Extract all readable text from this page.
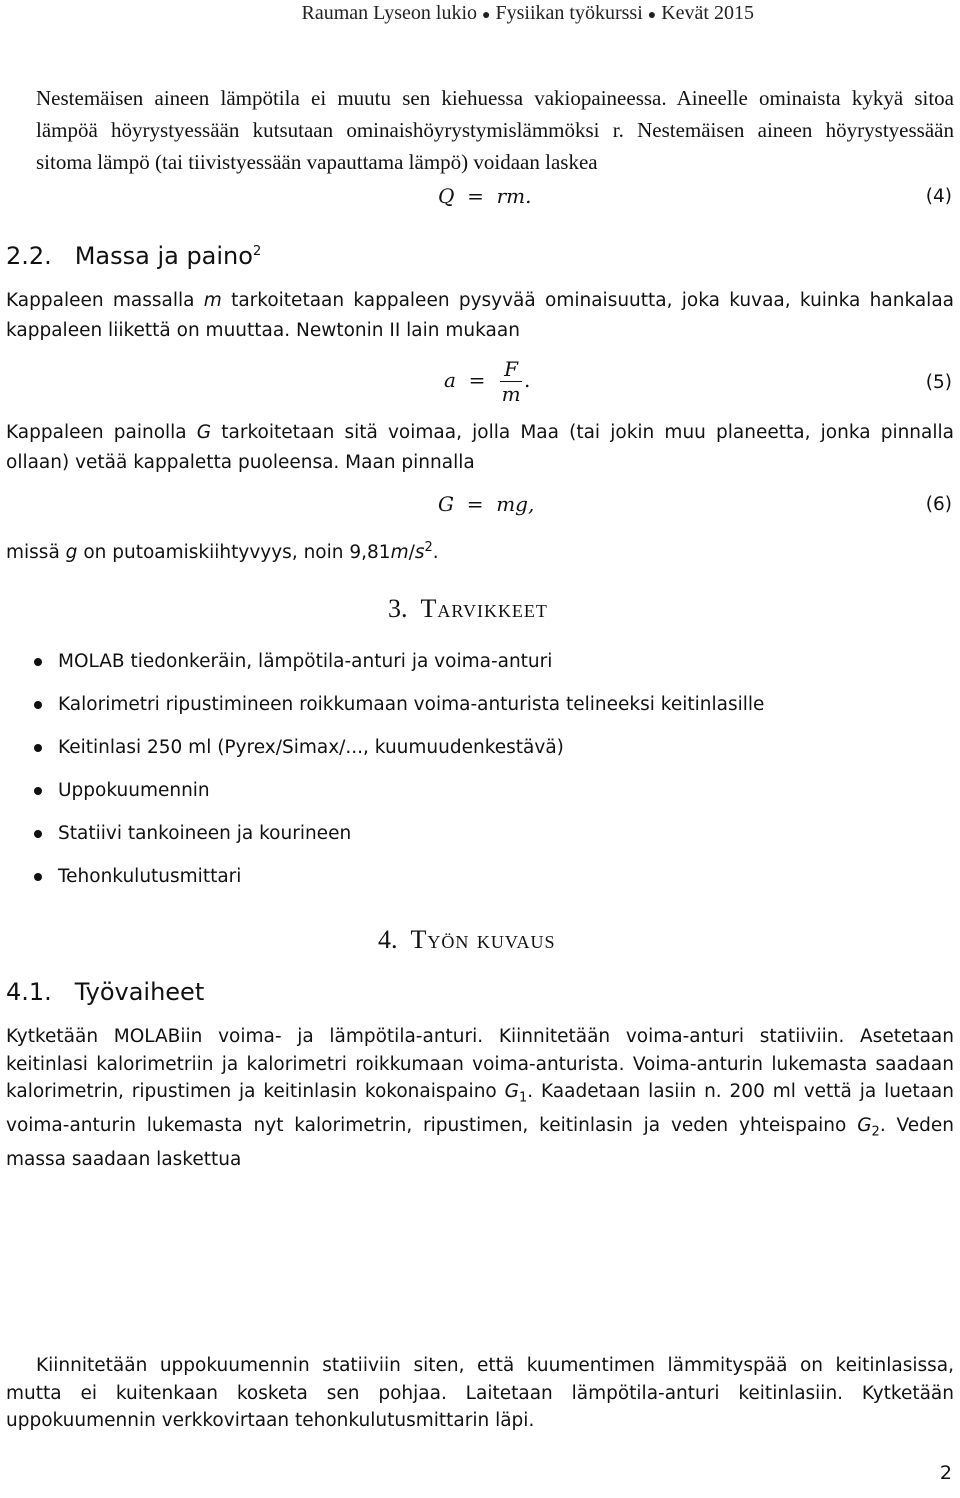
Rauman Lyseon lukio ● Fysiikan työkurssi ● Kevät 2015

Nestemäisen aineen lämpötila ei muutu sen kiehuessa vakiopaineessa. Aineelle ominaista kykyä sitoa lämpöä höyrystyessään kutsutaan ominaishöyrystymislämmöksi r. Nestemäisen aineen höyrystyessään sitoma lämpö (tai tiivistyessään vapauttama lämpö) voidaan laskea

Q  =  rm.	(4)
2.2. Massa ja paino$^2$

Kappaleen massalla m tarkoitetaan kappaleen pysyvää ominaisuutta, joka kuvaa, kuinka hankalaa kappaleen liikettä on muuttaa. Newtonin II lain mukaan

$a = \frac{F}{m}$ .	(5)

Kappaleen painolla G tarkoitetaan sitä voimaa, jolla Maa (tai jokin muu planeetta, jonka pinnalla ollaan) vetää kappaletta puoleensa. Maan pinnalla

G  =  mg,	(6)
missä g on putoamiskiihtyvyys, noin $9,81m/s^2$.
3. Tarvikkeet
MOLAB tiedonkeräin, lämpötila-anturi ja voima-anturi
Kalorimetri ripustimineen roikkumaan voima-anturista telineeksi keitinlasille
Keitinlasi 250 ml (Pyrex/Simax/..., kuumuudenkestävä)
Uppokuumennin
Statiivi tankoineen ja kourineen
Tehonkulutusmittari
4. Työn kuvaus
4.1. Työvaiheet

Kytketään MOLABiin voima- ja lämpötila-anturi. Kiinnitetään voima-anturi statiiviin. Asetetaan keitinlasi kalorimetriin ja kalorimetri roikkumaan voima-anturista. Voima-anturin lukemasta saadaan kalorimetrin, ripustimen ja keitinlasin kokonaispaino $G_1$. Kaadetaan lasiin n. 200 ml vettä ja luetaan voima-anturin lukemasta nyt kalorimetrin, ripustimen, keitinlasin ja veden yhteispaino $G_2$. Veden massa saadaan laskettua

Kiinnitetään uppokuumennin statiiviin siten, että kuumentimen lämmityspää on keitinlasissa, mutta ei kuitenkaan kosketa sen pohjaa. Laitetaan lämpötila-anturi keitinlasiin. Kytketään uppokuumennin verkkovirtaan tehonkulutusmittarin läpi.

2
